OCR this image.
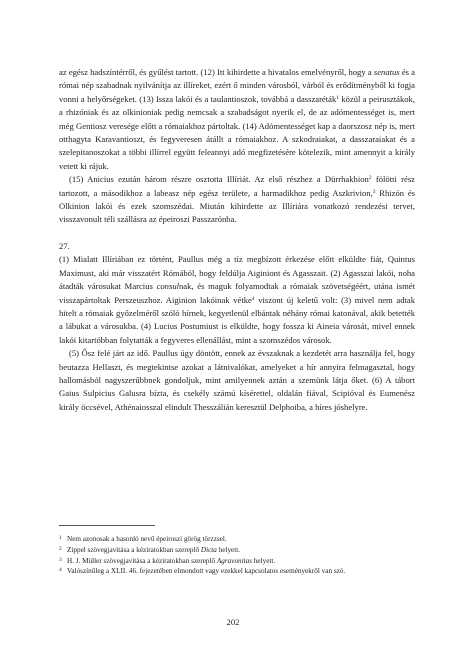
az egész hadszíntérről, és gyűlést tartott. (12) Itt kihirdette a hivatalos emelvényről, hogy a senatus és a római nép szabadnak nyilvánítja az illíreket, ezért ő minden városból, várból és erődítményből ki fogja vonni a helyőrségeket. (13) Issza lakói és a taulantioszok, továbbá a dasszaréták$^1$ közül a peirusztákok, a rhizóniak és az olkinioniak pedig nemcsak a szabadságot nyerik el, de az adómentességet is, mert még Gentiosz veresége előtt a rómaiakhoz pártoltak. (14) Adómentességet kap a daorszosz nép is, mert otthagyta Karavantioszt, és fegyveresen átállt a rómaiakhoz. A szkodraiakat, a dasszaraiakat és a szelepitanoszokat a többi illírrel együtt feleannyi adó megfizetésére kötelezik, mint amennyit a király vetett ki rájuk.

(15) Anicius ezután három részre osztotta Illíriát. Az első részhez a Dürrhakhion$^2$ fölötti rész tartozott, a másodikhoz a labeasz nép egész területe, a harmadikhoz pedig Aszkrivion,$^3$ Rhizón és Olkinion lakói és ezek szomszédai. Miután kihirdette az Illíriára vonatkozó rendezési tervet, visszavonult téli szállásra az épeiroszi Passzarónba.

27.

(1) Mialatt Illíriában ez történt, Paullus még a tíz megbízott érkezése előtt elküldte fiát, Quintus Maximust, aki már visszatért Rómából, hogy feldúlja Aiginiont és Agasszait. (2) Agasszai lakói, noha átadták városukat Marcius consulnak, és maguk folyamodtak a rómaiak szövetségéért, utána ismét visszapártoltak Perszeuszhoz. Aiginion lakóinak vétke$^4$ viszont új keletű volt: (3) mivel nem adtak hitelt a rómaiak győzelméről szóló hírnek, kegyetlenül elbántak néhány római katonával, akik betették a lábukat a városukba. (4) Lucius Postumiust is elküldte, hogy fossza ki Aineia városát, mivel ennek lakói kitartóbban folytatták a fegyveres ellenállást, mint a szomszédos városok.

(5) Ősz felé járt az idő. Paullus úgy döntött, ennek az évszaknak a kezdetét arra használja fel, hogy beutazza Hellaszt, és megtekintse azokat a látnivalókat, amelyeket a hír annyira felmagasztal, hogy hallomásból nagyszerűbbnek gondoljuk, mint amilyennek aztán a szemünk látja őket. (6) A tábort Gaius Sulpicius Galusra bízta, és csekély számú kísérettel, oldalán fiával, Scipióval és Eumenész király öccsével, Athénaiosszal elindult Thesszálián keresztül Delphoiba, a híres jóshelyre.

1 Nem azonosak a hasonló nevű épeiroszi görög törzzsel.
2 Zippel szövegjavítása a kéziratokban szereplő Dicta helyett.
3 H. J. Müller szövegjavítása a kéziratokban szereplő Agravonitas helyett.
4 Valószínűleg a XLII. 46. fejezetében elmondott vagy ezekkel kapcsolatos eseményekről van szó.
202
